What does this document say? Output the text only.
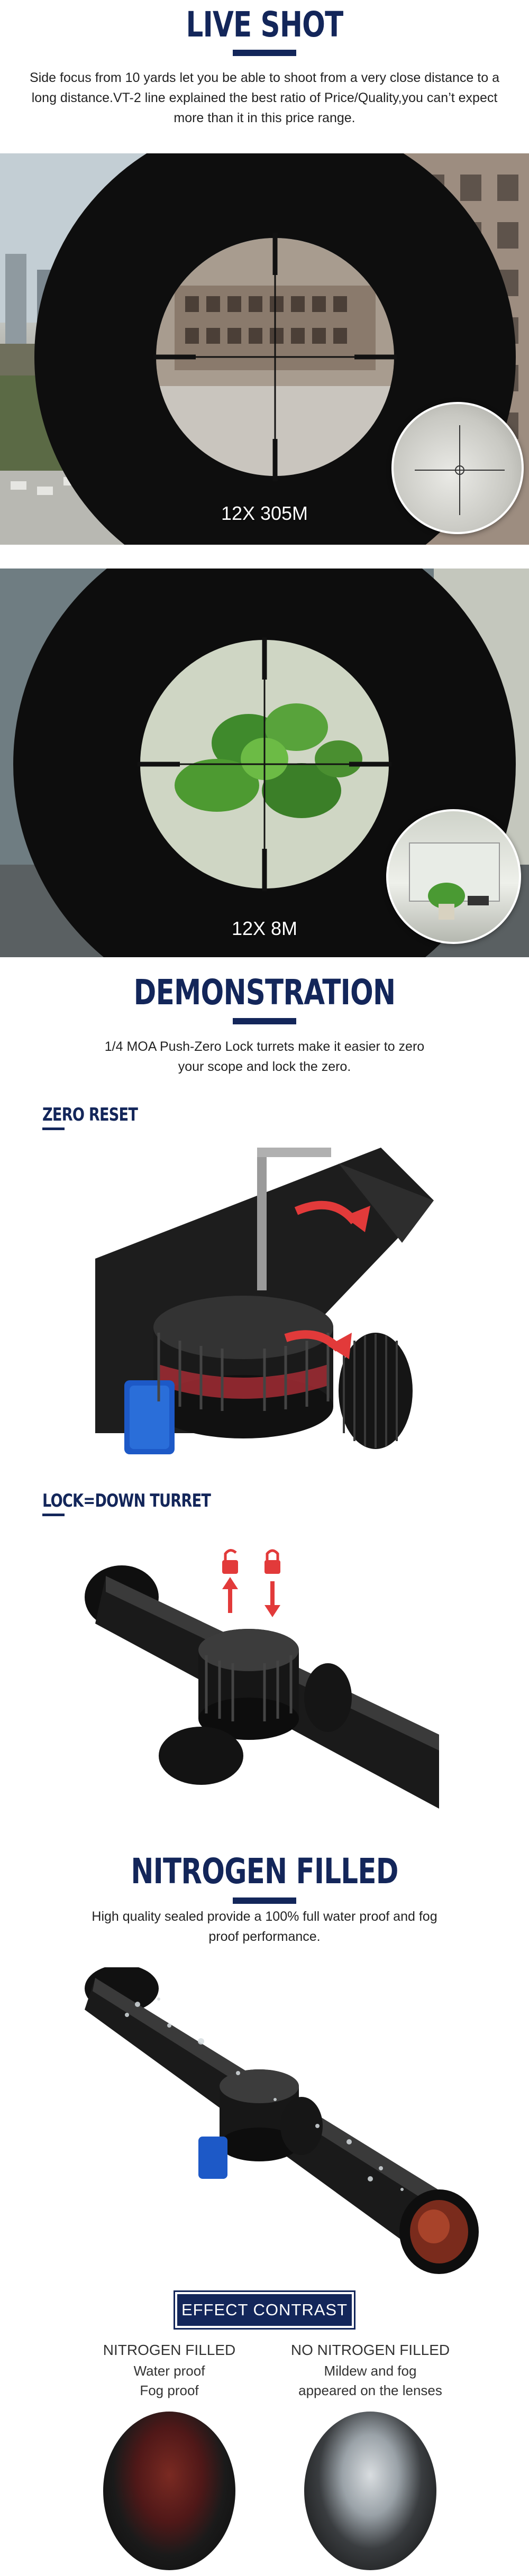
LIVE SHOT
Side focus from 10 yards let you be able to shoot from a very close distance to a long distance.VT-2 line explained the best ratio of Price/Quality,you can’t expect more than it in this price range.
12X 305M
12X 8M
DEMONSTRATION
1/4 MOA Push-Zero Lock turrets make it easier to zero your scope and lock the zero.
ZERO RESET
LOCK=DOWN TURRET
NITROGEN FILLED
High quality sealed provide a 100% full water proof and fog proof performance.
EFFECT CONTRAST
NITROGEN FILLED
Water proof
Fog proof
NO NITROGEN FILLED
Mildew and fog
appeared on the lenses
